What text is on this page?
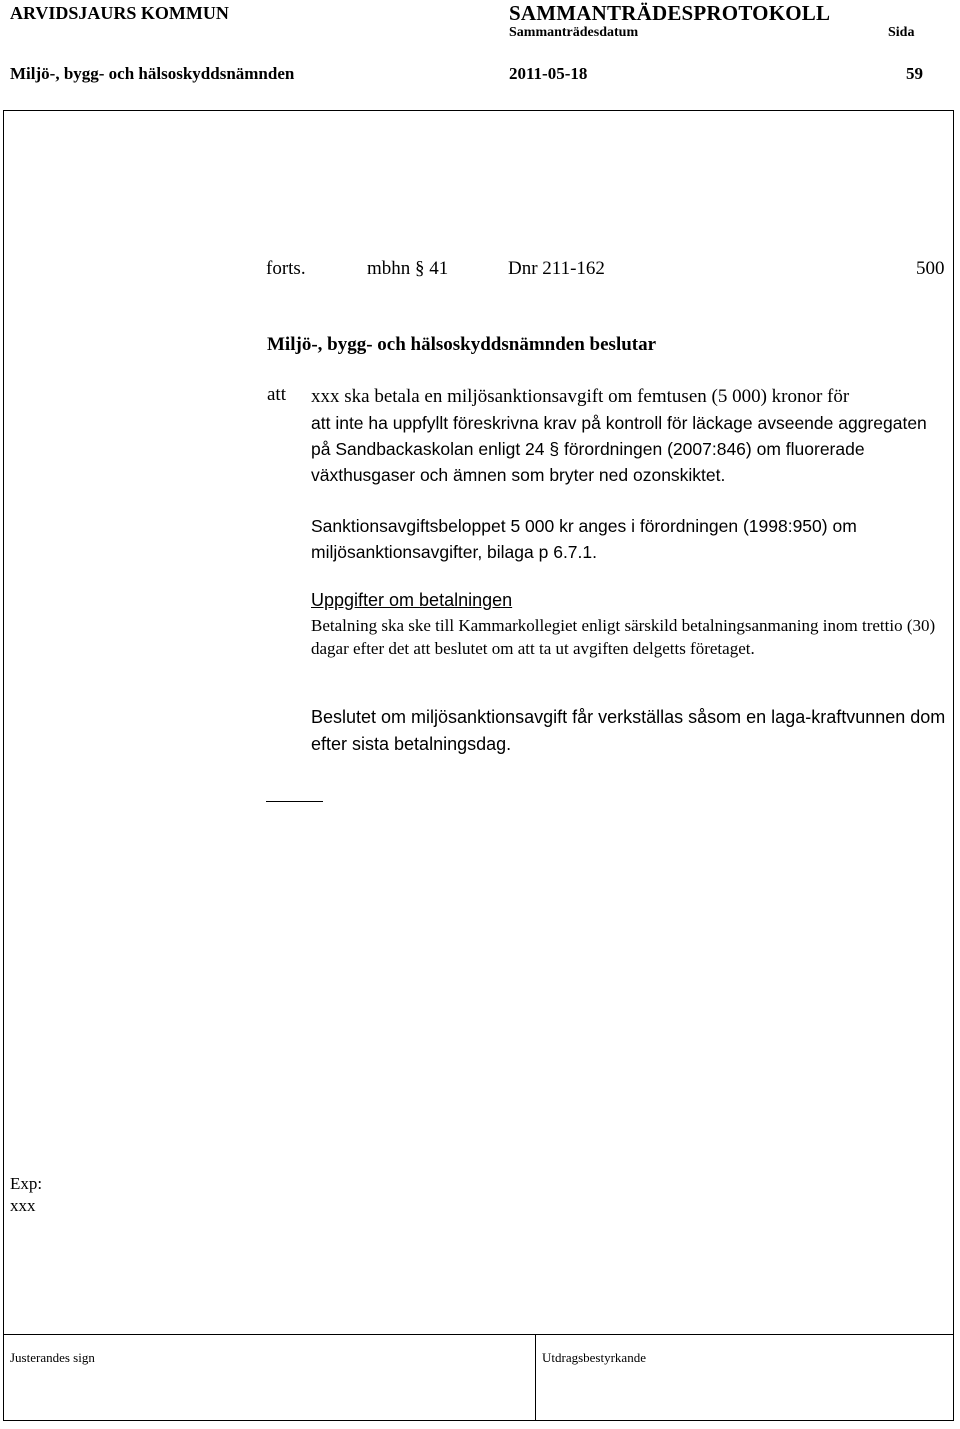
ARVIDSJAURS KOMMUN	SAMMANTRÄDESPROTOKOLL
Sammanträdesdatum	Sida
Miljö-, bygg- och hälsoskyddsnämnden	2011-05-18	59
forts.	mbhn § 41	Dnr 211-162	500
Miljö-, bygg- och hälsoskyddsnämnden beslutar
att xxx ska betala en miljösanktionsavgift om femtusen (5 000) kronor för
att inte ha uppfyllt föreskrivna krav på kontroll för läckage avseende aggregaten på Sandbackaskolan enligt 24 § förordningen (2007:846) om fluorerade växthusgaser och ämnen som bryter ned ozonskiktet.
Sanktionsavgiftsbeloppet 5 000 kr anges i förordningen (1998:950) om miljösanktionsavgifter, bilaga p 6.7.1.
Uppgifter om betalningen
Betalning ska ske till Kammarkollegiet enligt särskild betalningsanmaning inom trettio (30) dagar efter det att beslutet om att ta ut avgiften delgetts företaget.
Beslutet om miljösanktionsavgift får verkställas såsom en laga-kraftvunnen dom efter sista betalningsdag.
Exp:
xxx
Justerandes sign	Utdragsbestyrkande
